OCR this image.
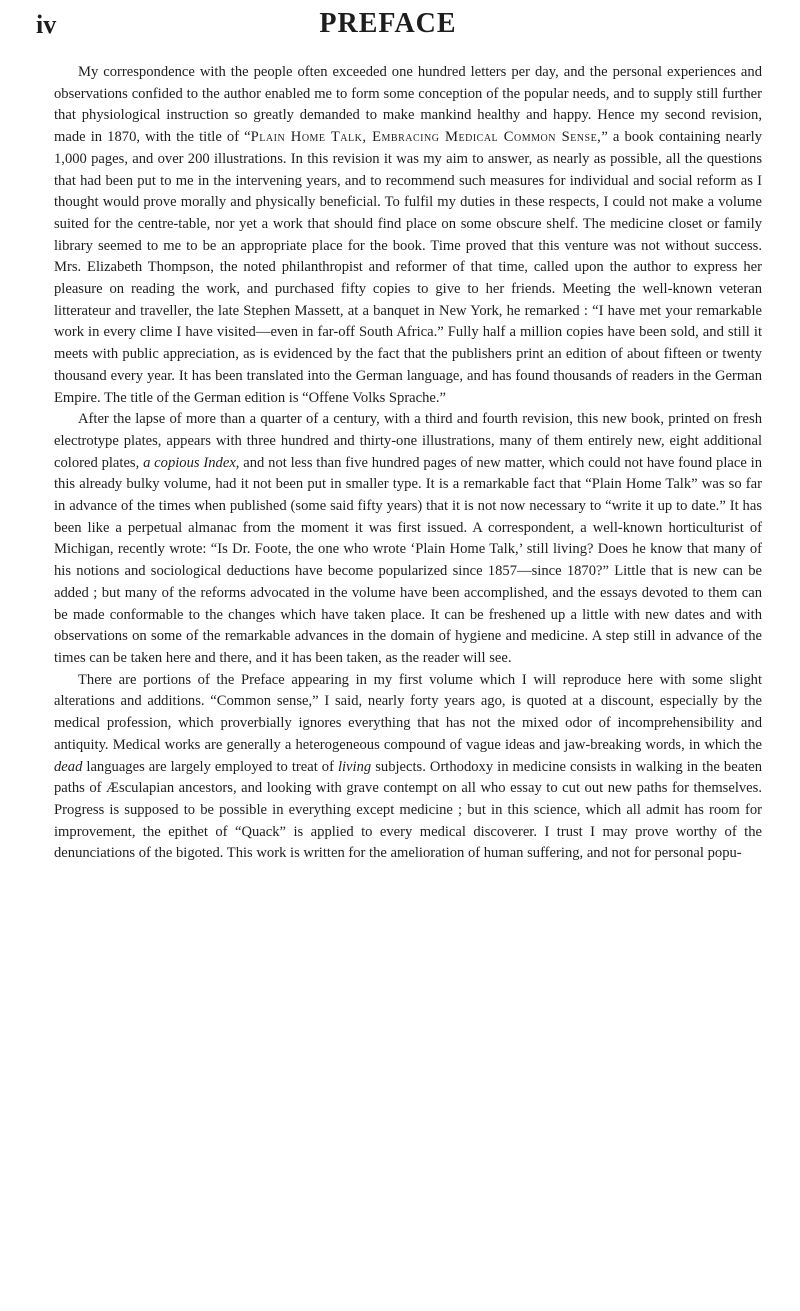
iv	PREFACE

My correspondence with the people often exceeded one hundred letters per day, and the personal experiences and observations confided to the author enabled me to form some conception of the popular needs, and to supply still further that physiological instruction so greatly demanded to make mankind healthy and happy. Hence my second revision, made in 1870, with the title of “Plain Home Talk, Embracing Medical Common Sense,” a book containing nearly 1,000 pages, and over 200 illustrations. In this revision it was my aim to answer, as nearly as possible, all the questions that had been put to me in the intervening years, and to recommend such measures for individual and social reform as I thought would prove morally and physically beneficial. To fulfil my duties in these respects, I could not make a volume suited for the centre-table, nor yet a work that should find place on some obscure shelf. The medicine closet or family library seemed to me to be an appropriate place for the book. Time proved that this venture was not without success. Mrs. Elizabeth Thompson, the noted philanthropist and reformer of that time, called upon the author to express her pleasure on reading the work, and purchased fifty copies to give to her friends. Meeting the well-known veteran litterateur and traveller, the late Stephen Massett, at a banquet in New York, he remarked : “I have met your remarkable work in every clime I have visited—even in far-off South Africa.” Fully half a million copies have been sold, and still it meets with public appreciation, as is evidenced by the fact that the publishers print an edition of about fifteen or twenty thousand every year. It has been translated into the German language, and has found thousands of readers in the German Empire. The title of the German edition is “Offene Volks Sprache.”

After the lapse of more than a quarter of a century, with a third and fourth revision, this new book, printed on fresh electrotype plates, appears with three hundred and thirty-one illustrations, many of them entirely new, eight additional colored plates, a copious Index, and not less than five hundred pages of new matter, which could not have found place in this already bulky volume, had it not been put in smaller type. It is a remarkable fact that “Plain Home Talk” was so far in advance of the times when published (some said fifty years) that it is not now necessary to “write it up to date.” It has been like a perpetual almanac from the moment it was first issued. A correspondent, a well-known horticulturist of Michigan, recently wrote: “Is Dr. Foote, the one who wrote ‘Plain Home Talk,’ still living? Does he know that many of his notions and sociological deductions have become popularized since 1857—since 1870?” Little that is new can be added ; but many of the reforms advocated in the volume have been accomplished, and the essays devoted to them can be made conformable to the changes which have taken place. It can be freshened up a little with new dates and with observations on some of the remarkable advances in the domain of hygiene and medicine. A step still in advance of the times can be taken here and there, and it has been taken, as the reader will see.

There are portions of the Preface appearing in my first volume which I will reproduce here with some slight alterations and additions. “Common sense,” I said, nearly forty years ago, is quoted at a discount, especially by the medical profession, which proverbially ignores everything that has not the mixed odor of incomprehensibility and antiquity. Medical works are generally a heterogeneous compound of vague ideas and jaw-breaking words, in which the dead languages are largely employed to treat of living subjects. Orthodoxy in medicine consists in walking in the beaten paths of Æsculapian ancestors, and looking with grave contempt on all who essay to cut out new paths for themselves. Progress is supposed to be possible in everything except medicine ; but in this science, which all admit has room for improvement, the epithet of “Quack” is applied to every medical discoverer. I trust I may prove worthy of the denunciations of the bigoted. This work is written for the amelioration of human suffering, and not for personal popu-
